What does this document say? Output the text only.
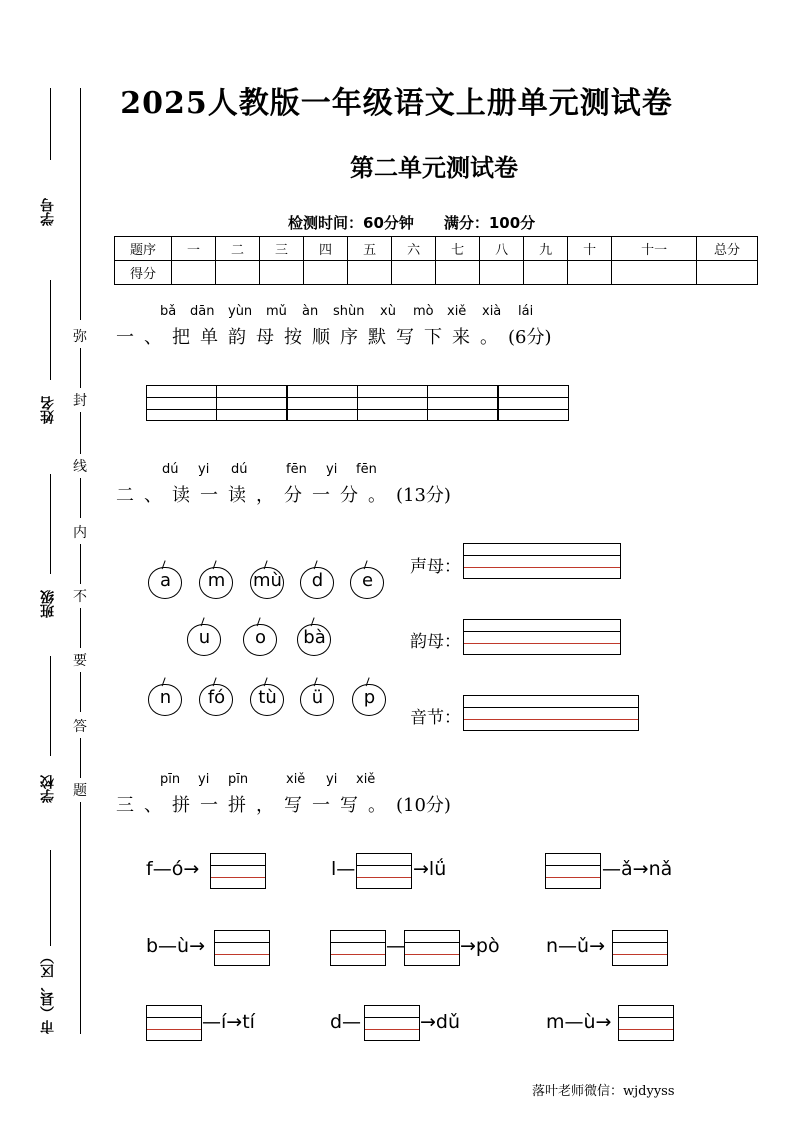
学号
姓名
班级
学校
市（县、区）
弥
封
线
内
不
要
答
题
2025人教版一年级语文上册单元测试卷
第二单元测试卷
检测时间：60分钟 满分：100分
题序	一	二	三	四	五	六	七	八	九	十	十一	总分
得分												
bǎ dān yùn mǔ àn shùn xù mò xiě xià lái
一、把单韵母按顺序默写下来。(6分)
dú yi dú	fēn yi fēn
二、读一读，分一分。(13分)
a	m	mù	d	e
u	o	bà
n	fó	tù	ü	p
声母：
韵母：
音节：
pīn yi pīn	xiě yi xiě
三、拼一拼，写一写。(10分)
f—ó→	l—	→lǘ	—ǎ→nǎ
b—ù→	—	→pò n—ǔ→
—í→tí	d—	→dǔ	m—ù→
落叶老师微信：wjdyyss
